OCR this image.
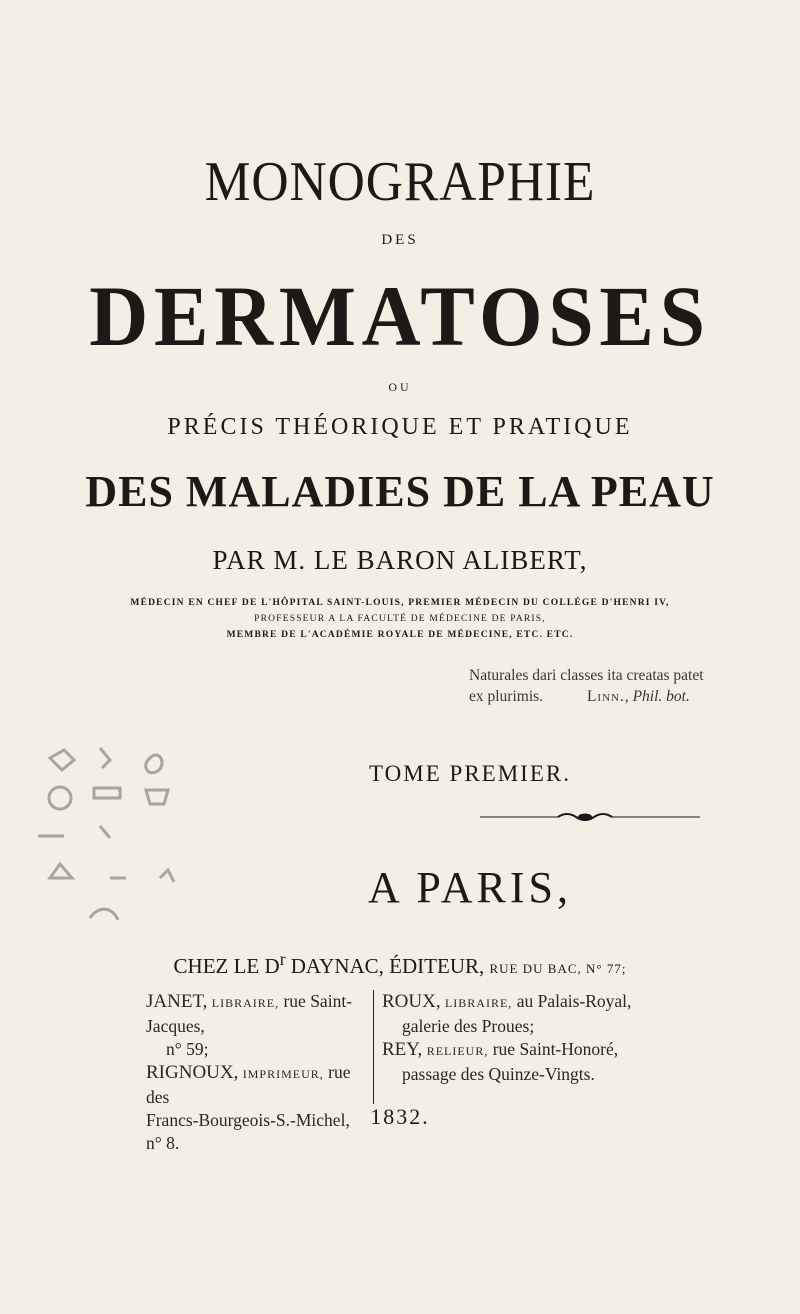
MONOGRAPHIE
DES
DERMATOSES
OU
PRÉCIS THÉORIQUE ET PRATIQUE
DES MALADIES DE LA PEAU
PAR M. LE BARON ALIBERT,
MÉDECIN EN CHEF DE L'HÔPITAL SAINT-LOUIS, PREMIER MÉDECIN DU COLLÉGE D'HENRI IV,
PROFESSEUR A LA FACULTÉ DE MÉDECINE DE PARIS,
MEMBRE DE L'ACADÉMIE ROYALE DE MÉDECINE, ETC. ETC.
Naturales dari classes ita creatas patet
ex plurimis.	Linn., Phil. bot.
TOME PREMIER.
A PARIS,
CHEZ LE $D^r$ DAYNAC, ÉDITEUR, RUE DU BAC, N° 77;
JANET, LIBRAIRE, rue Saint-Jacques,
n° 59;
RIGNOUX, IMPRIMEUR, rue des
Francs-Bourgeois-S.-Michel, n° 8.
ROUX, LIBRAIRE, au Palais-Royal,
galerie des Proues;
REY, RELIEUR, rue Saint-Honoré,
passage des Quinze-Vingts.
1832.
